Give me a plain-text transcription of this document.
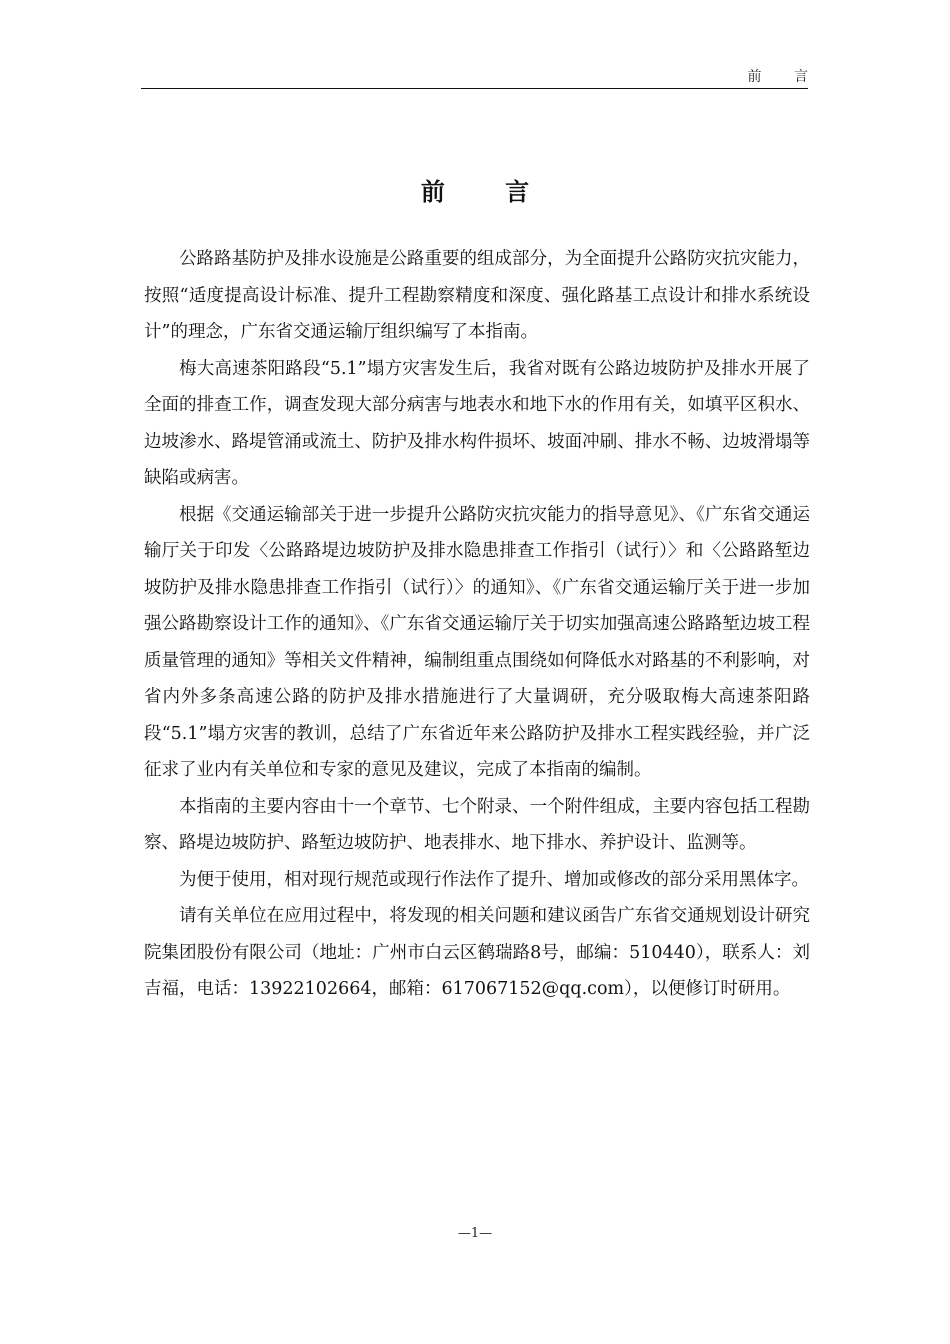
前 言
前 言

公路路基防护及排水设施是公路重要的组成部分，为全面提升公路防灾抗灾能力，按照“适度提高设计标准、提升工程勘察精度和深度、强化路基工点设计和排水系统设计”的理念，广东省交通运输厅组织编写了本指南。

梅大高速茶阳路段“5.1”塌方灾害发生后，我省对既有公路边坡防护及排水开展了全面的排查工作，调查发现大部分病害与地表水和地下水的作用有关，如填平区积水、边坡渗水、路堤管涌或流土、防护及排水构件损坏、坡面冲刷、排水不畅、边坡滑塌等缺陷或病害。

根据《交通运输部关于进一步提升公路防灾抗灾能力的指导意见》、《广东省交通运输厅关于印发〈公路路堤边坡防护及排水隐患排查工作指引（试行）〉和〈公路路堑边坡防护及排水隐患排查工作指引（试行）〉的通知》、《广东省交通运输厅关于进一步加强公路勘察设计工作的通知》、《广东省交通运输厅关于切实加强高速公路路堑边坡工程质量管理的通知》等相关文件精神，编制组重点围绕如何降低水对路基的不利影响，对省内外多条高速公路的防护及排水措施进行了大量调研，充分吸取梅大高速茶阳路段“5.1”塌方灾害的教训，总结了广东省近年来公路防护及排水工程实践经验，并广泛征求了业内有关单位和专家的意见及建议，完成了本指南的编制。

本指南的主要内容由十一个章节、七个附录、一个附件组成，主要内容包括工程勘察、路堤边坡防护、路堑边坡防护、地表排水、地下排水、养护设计、监测等。

为便于使用，相对现行规范或现行作法作了提升、增加或修改的部分采用黑体字。

请有关单位在应用过程中，将发现的相关问题和建议函告广东省交通规划设计研究院集团股份有限公司（地址：广州市白云区鹤瑞路8号，邮编：510440），联系人：刘吉福，电话：13922102664，邮箱：617067152@qq.com），以便修订时研用。

—1—
